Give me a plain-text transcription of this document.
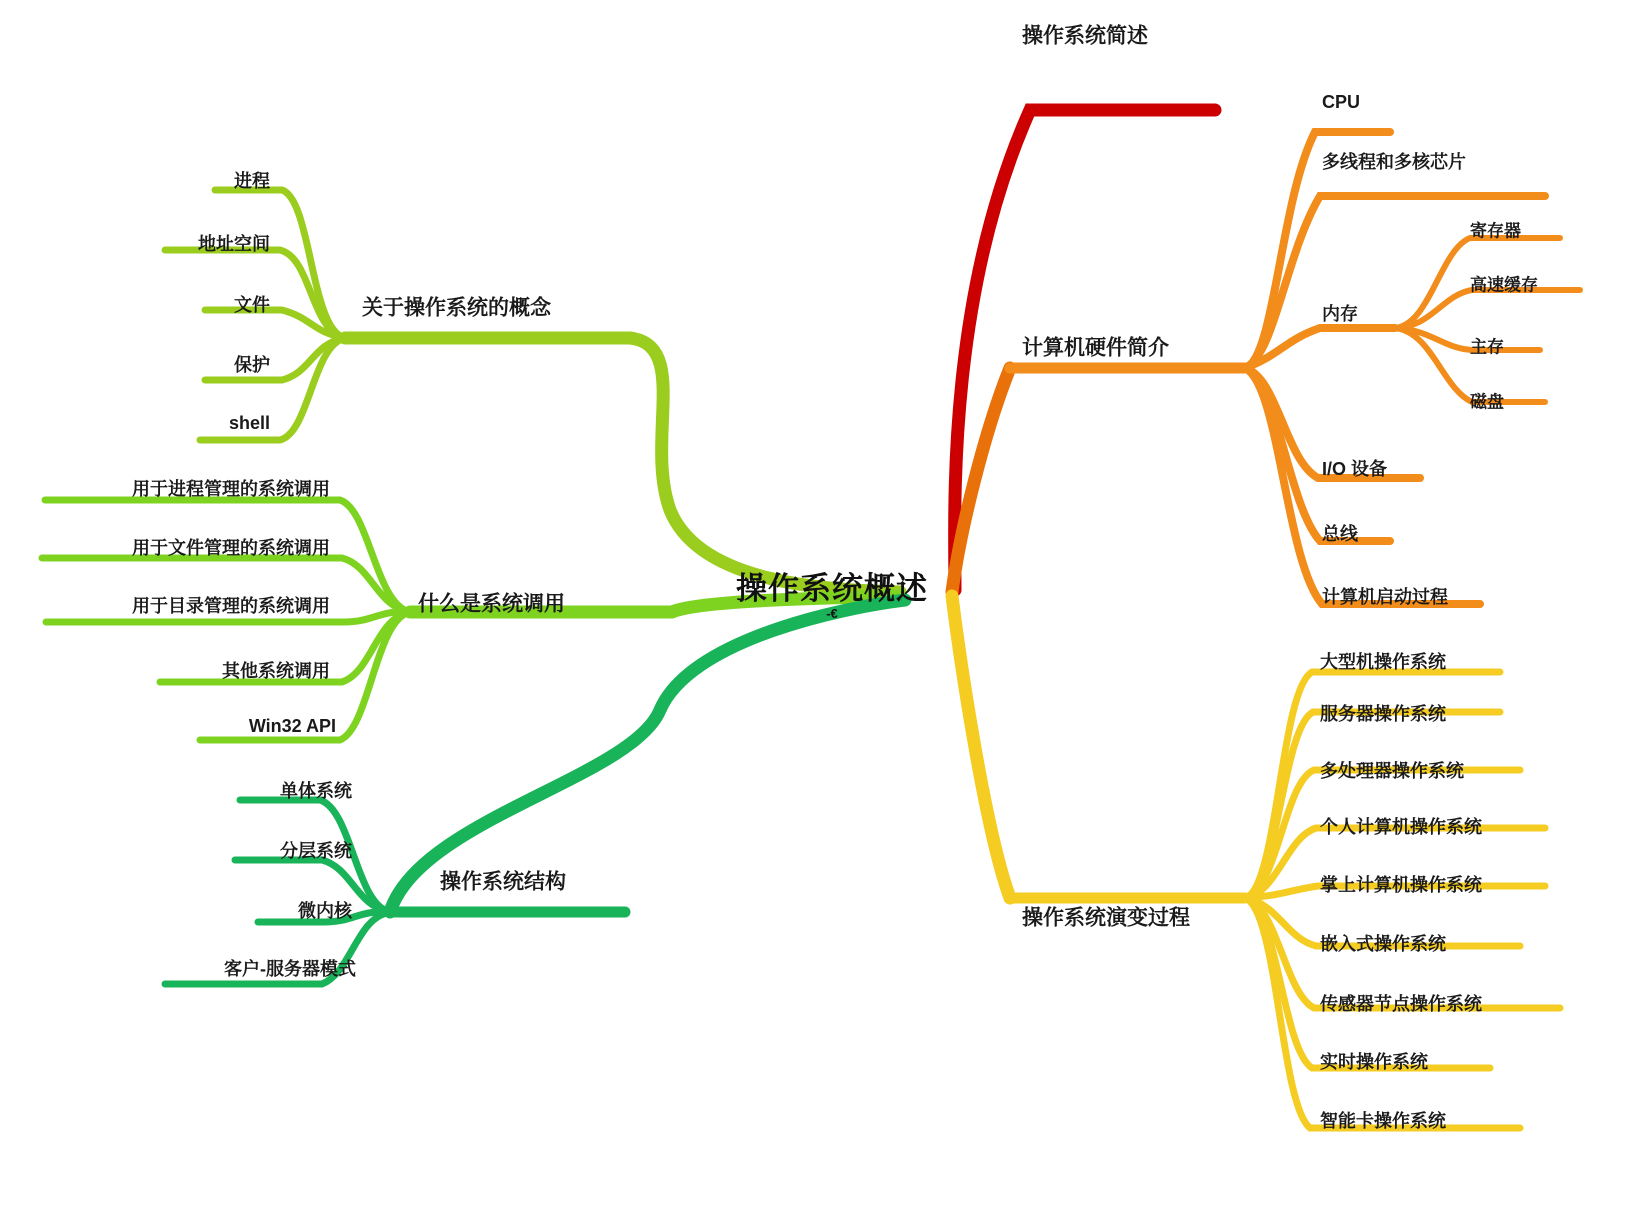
操作系统概述
-€
操作系统简述
计算机硬件简介
操作系统演变过程
CPU
多线程和多核芯片
内存
I/O 设备
总线
计算机启动过程
寄存器
高速缓存
主存
磁盘
大型机操作系统
服务器操作系统
多处理器操作系统
个人计算机操作系统
掌上计算机操作系统
嵌入式操作系统
传感器节点操作系统
实时操作系统
智能卡操作系统
关于操作系统的概念
什么是系统调用
操作系统结构
进程
地址空间
文件
保护
shell
用于进程管理的系统调用
用于文件管理的系统调用
用于目录管理的系统调用
其他系统调用
Win32 API
单体系统
分层系统
微内核
客户-服务器模式
